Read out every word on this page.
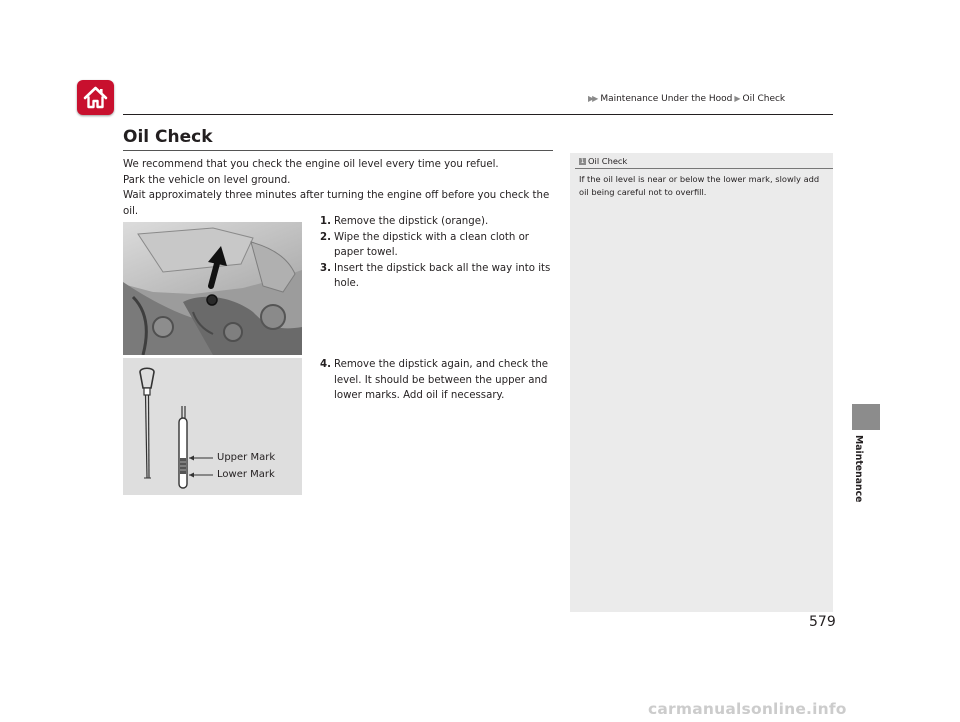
▶▶ Maintenance Under the Hood ▶ Oil Check
Oil Check

We recommend that you check the engine oil level every time you refuel.

Park the vehicle on level ground.

Wait approximately three minutes after turning the engine off before you check the oil.

1. Remove the dipstick (orange).
2. Wipe the dipstick with a clean cloth or paper towel.
3. Insert the dipstick back all the way into its hole.
Upper Mark
Lower Mark
4. Remove the dipstick again, and check the level. It should be between the upper and lower marks. Add oil if necessary.
1 Oil Check
If the oil level is near or below the lower mark, slowly add oil being careful not to overfill.
Maintenance
579
carmanualsonline.info
